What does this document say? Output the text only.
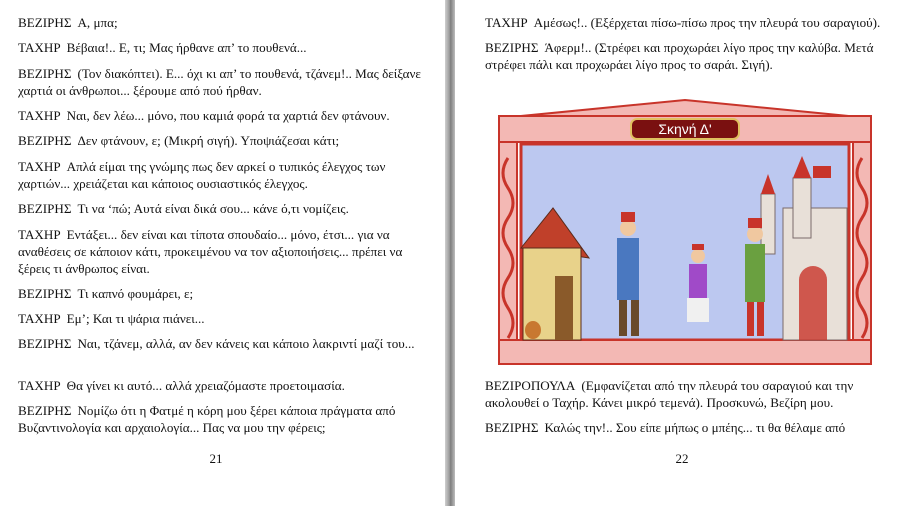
ΒΕΖΙΡΗΣ Α, μπα;

ΤΑΧΗΡ Βέβαια!.. Ε, τι; Μας ήρθανε απ’ το πουθενά...

ΒΕΖΙΡΗΣ (Τον διακόπτει). Ε... όχι κι απ’ το πουθενά, τζάνεμ!.. Μας δείξανε χαρτιά οι άνθρωποι... ξέρουμε από πού ήρθαν.

ΤΑΧΗΡ Ναι, δεν λέω... μόνο, που καμιά φορά τα χαρτιά δεν φτάνουν.

ΒΕΖΙΡΗΣ Δεν φτάνουν, ε; (Μικρή σιγή). Υποψιάζεσαι κάτι;

ΤΑΧΗΡ Απλά είμαι της γνώμης πως δεν αρκεί ο τυπικός έλεγχος των χαρτιών... χρειάζεται και κάποιος ουσιαστικός έλεγχος.

ΒΕΖΙΡΗΣ Τι να ‘πώ; Αυτά είναι δικά σου... κάνε ό,τι νομίζεις.

ΤΑΧΗΡ Εντάξει... δεν είναι και τίποτα σπουδαίο... μόνο, έτσι... για να αναθέσεις σε κάποιον κάτι, προκειμένου να τον αξιοποιήσεις... πρέπει να ξέρεις τι άνθρωπος είναι.

ΒΕΖΙΡΗΣ Τι καπνό φουμάρει, ε;

ΤΑΧΗΡ Εμ’; Και τι ψάρια πιάνει...

ΒΕΖΙΡΗΣ Ναι, τζάνεμ, αλλά, αν δεν κάνεις και κάποιο λακριντί μαζί του...

ΤΑΧΗΡ Θα γίνει κι αυτό... αλλά χρειαζόμαστε προετοιμασία.

ΒΕΖΙΡΗΣ Νομίζω ότι η Φατμέ η κόρη μου ξέρει κάποια πράγματα από Βυζαντινολογία και αρχαιολογία... Πας να μου την φέρεις;

21

ΤΑΧΗΡ Αμέσως!.. (Εξέρχεται πίσω-πίσω προς την πλευρά του σαραγιού).

ΒΕΖΙΡΗΣ Άφερμ!.. (Στρέφει και προχωράει λίγο προς την καλύβα. Μετά στρέφει πάλι και προχωράει λίγο προς το σαράι. Σιγή).

Σκηνή Δ'

ΒΕΖΙΡΟΠΟΥΛΑ (Εμφανίζεται από την πλευρά του σαραγιού και την ακολουθεί ο Ταχήρ. Κάνει μικρό τεμενά). Προσκυνώ, Βεζίρη μου.

ΒΕΖΙΡΗΣ Καλώς την!.. Σου είπε μήπως ο μπέης... τι θα θέλαμε από

22
